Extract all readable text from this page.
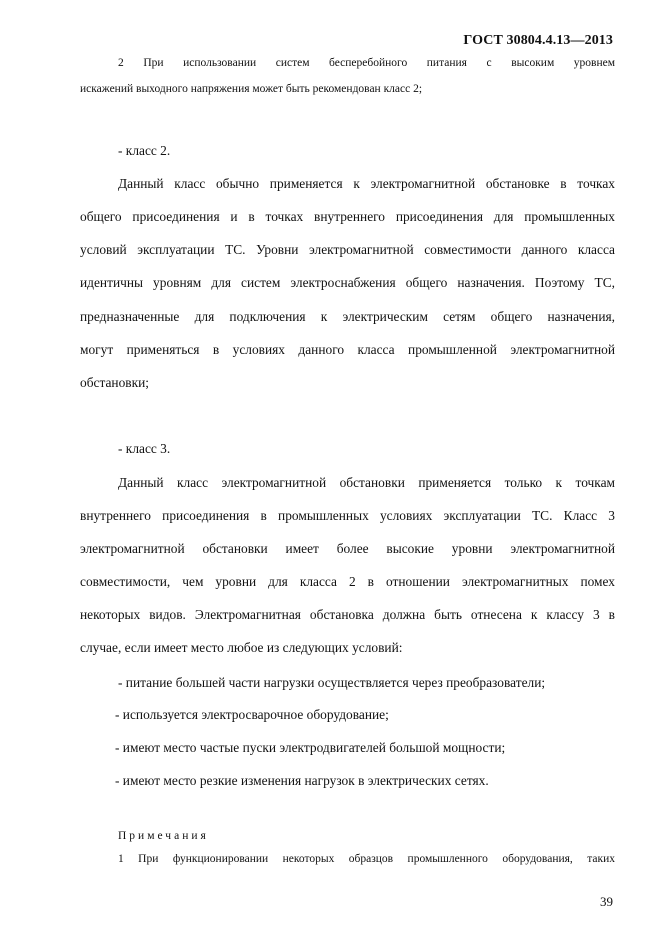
ГОСТ 30804.4.13—2013
2 При использовании систем бесперебойного питания с высоким уровнем
искажений выходного напряжения может быть рекомендован класс 2;
- класс 2.
Данный класс обычно применяется к электромагнитной обстановке в точках
общего присоединения и в точках внутреннего присоединения для промышленных
условий эксплуатации ТС. Уровни электромагнитной совместимости данного класса
идентичны уровням для систем электроснабжения общего назначения. Поэтому ТС,
предназначенные для подключения к электрическим сетям общего назначения,
могут применяться в условиях данного класса промышленной электромагнитной
обстановки;
- класс 3.
Данный класс электромагнитной обстановки применяется только к точкам
внутреннего присоединения в промышленных условиях эксплуатации ТС. Класс 3
электромагнитной обстановки имеет более высокие уровни электромагнитной
совместимости, чем уровни для класса 2 в отношении электромагнитных помех
некоторых видов. Электромагнитная обстановка должна быть отнесена к классу 3 в
случае, если имеет место любое из следующих условий:
- питание большей части нагрузки осуществляется через преобразователи;
- используется электросварочное оборудование;
- имеют место частые пуски электродвигателей большой мощности;
- имеют место резкие изменения нагрузок в электрических сетях.
Примечания
1 При функционировании некоторых образцов промышленного оборудования, таких
39
